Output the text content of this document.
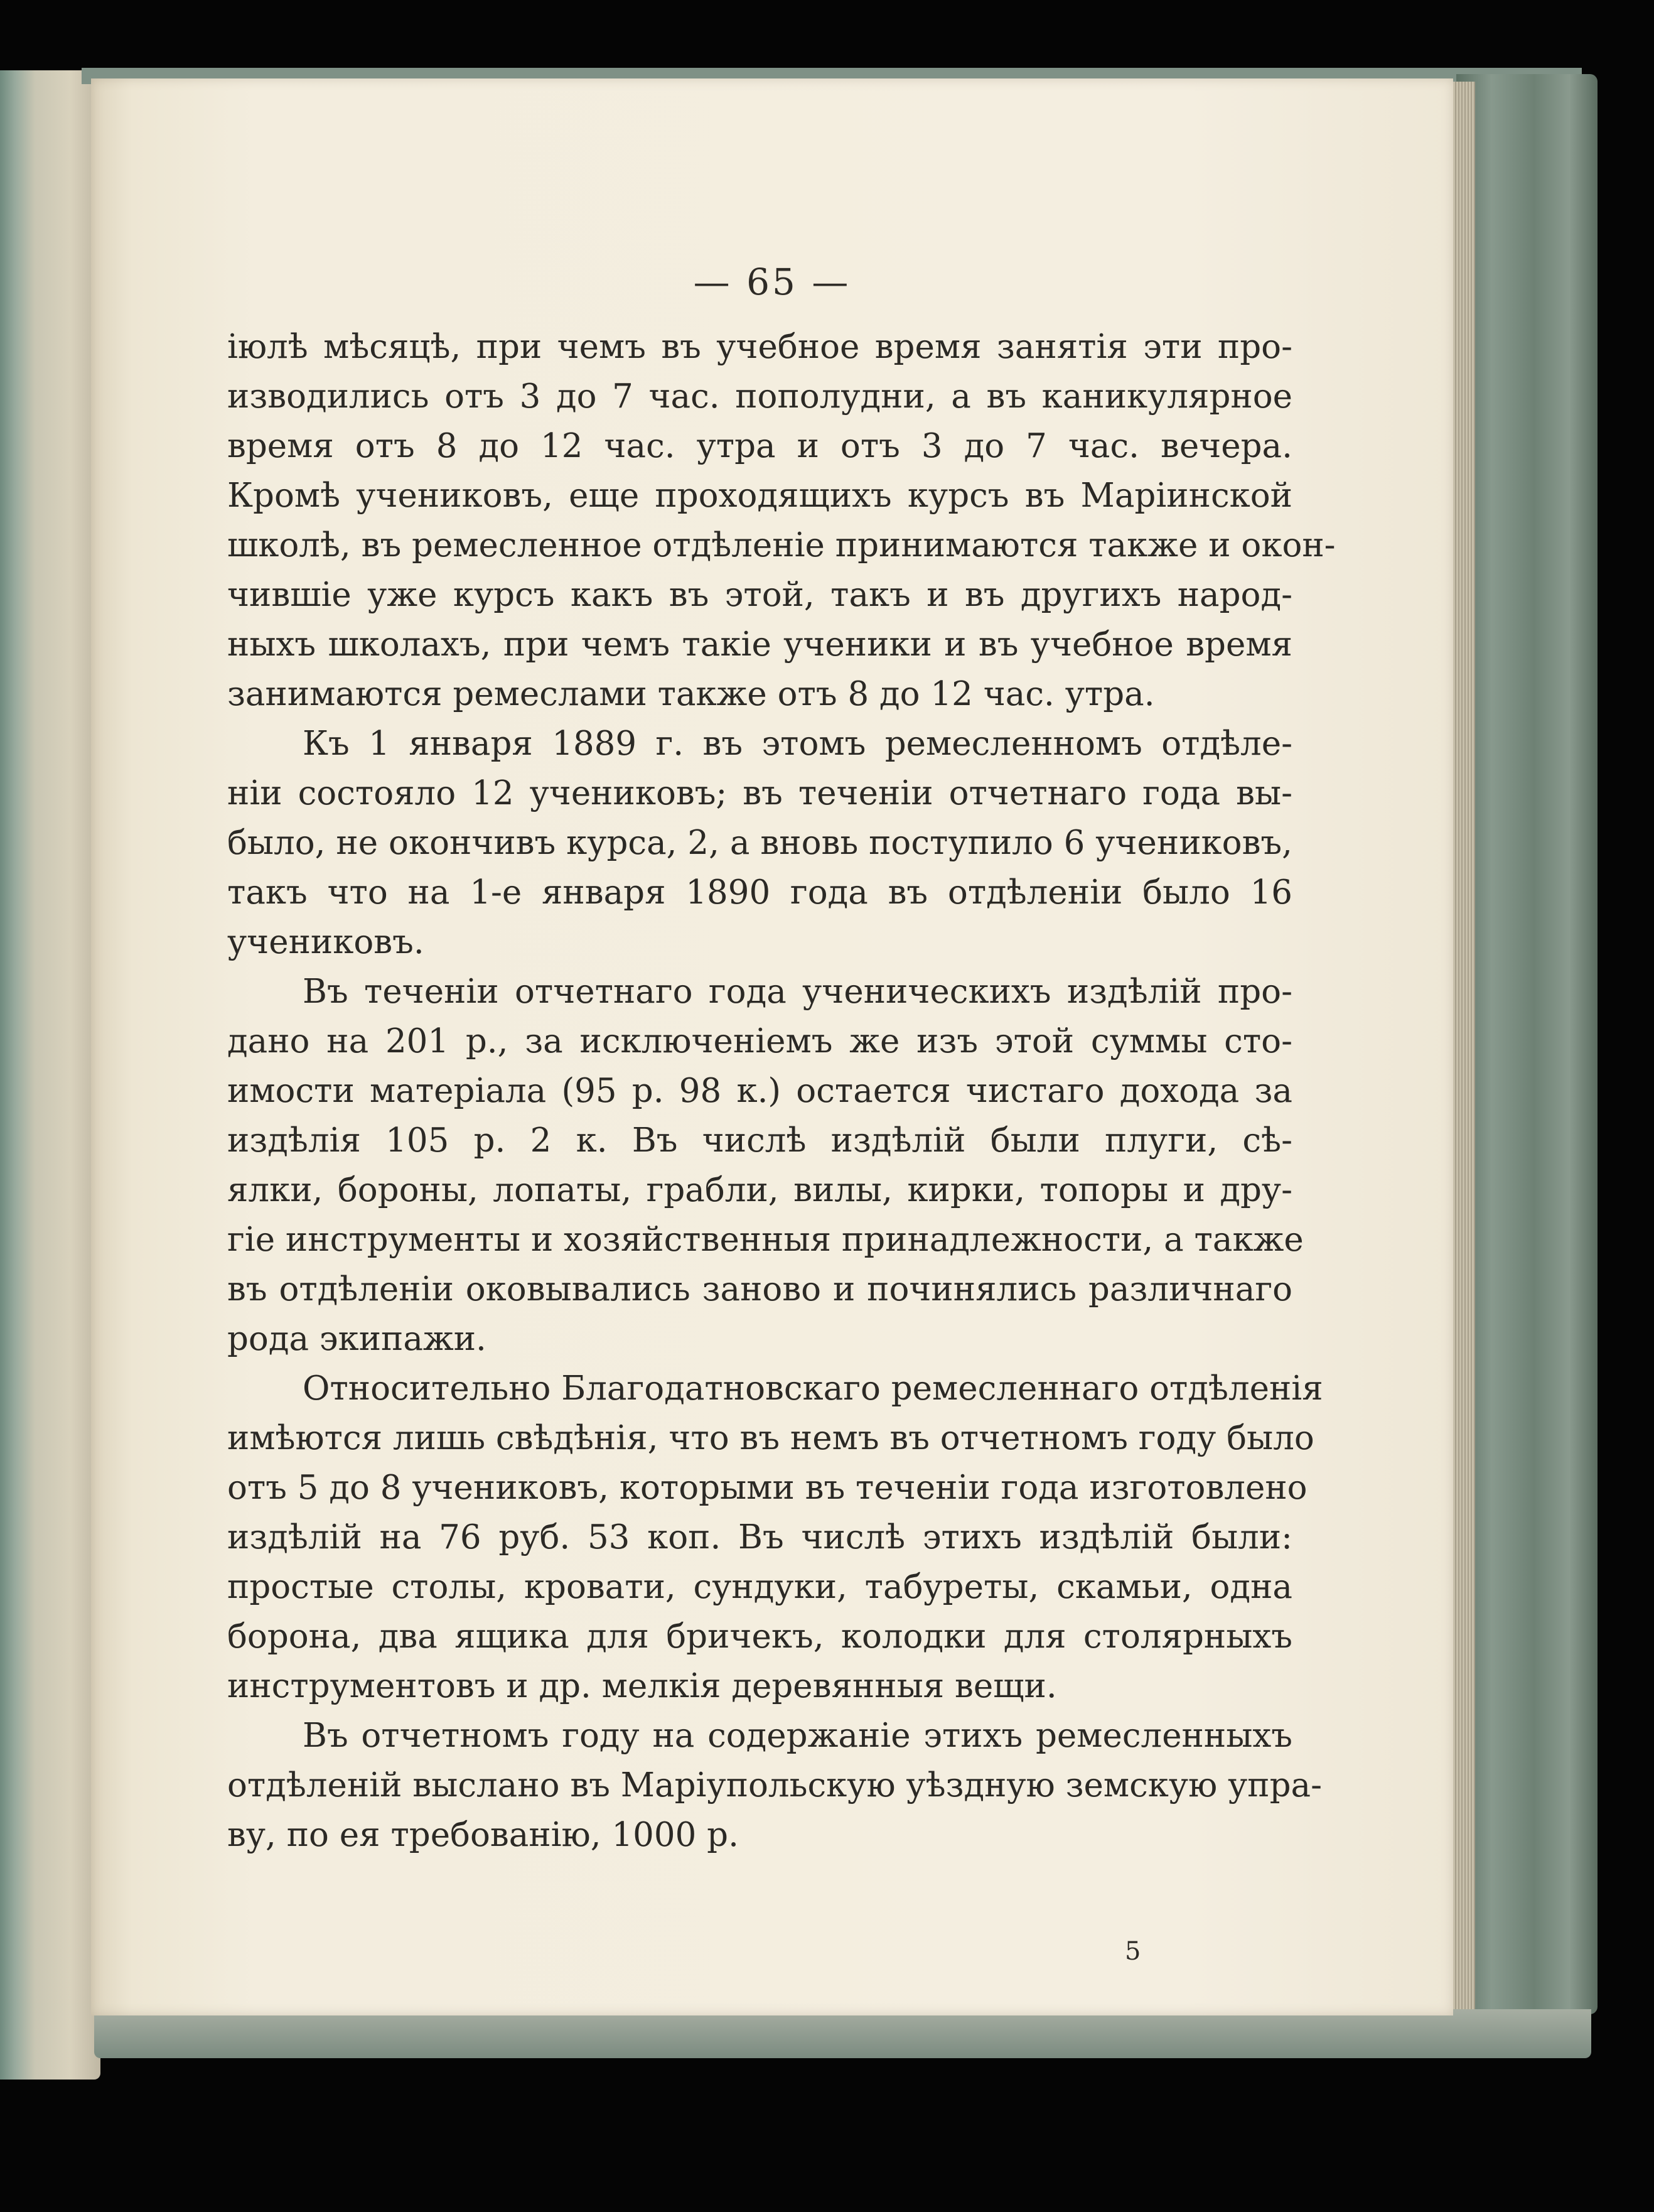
— 65 —
іюлѣ мѣсяцѣ, при чемъ въ учебное время занятія эти про-
изводились отъ 3 до 7 час. пополудни, а въ каникулярное
время отъ 8 до 12 час. утра и отъ 3 до 7 час. вечера.
Кромѣ учениковъ, еще проходящихъ курсъ въ Маріинской
школѣ, въ ремесленное отдѣленіе принимаются также и окон-
чившіе уже курсъ какъ въ этой, такъ и въ другихъ народ-
ныхъ школахъ, при чемъ такіе ученики и въ учебное время
занимаются ремеслами также отъ 8 до 12 час. утра.
Къ 1 января 1889 г. въ этомъ ремесленномъ отдѣле-
ніи состояло 12 учениковъ; въ теченіи отчетнаго года вы-
было, не окончивъ курса, 2, а вновь поступило 6 учениковъ,
такъ что на 1-е января 1890 года въ отдѣленіи было 16
учениковъ.
Въ теченіи отчетнаго года ученическихъ издѣлій про-
дано на 201 р., за исключеніемъ же изъ этой суммы сто-
имости матеріала (95 р. 98 к.) остается чистаго дохода за
издѣлія 105 р. 2 к. Въ числѣ издѣлій были плуги, сѣ-
ялки, бороны, лопаты, грабли, вилы, кирки, топоры и дру-
гіе инструменты и хозяйственныя принадлежности, а также
въ отдѣленіи оковывались заново и починялись различнаго
рода экипажи.
Относительно Благодатновскаго ремесленнаго отдѣленія
имѣются лишь свѣдѣнія, что въ немъ въ отчетномъ году было
отъ 5 до 8 учениковъ, которыми въ теченіи года изготовлено
издѣлій на 76 руб. 53 коп. Въ числѣ этихъ издѣлій были:
простые столы, кровати, сундуки, табуреты, скамьи, одна
борона, два ящика для бричекъ, колодки для столярныхъ
инструментовъ и др. мелкія деревянныя вещи.
Въ отчетномъ году на содержаніе этихъ ремесленныхъ
отдѣленій выслано въ Маріупольскую уѣздную земскую упра-
ву, по ея требованію, 1000 р.
5
